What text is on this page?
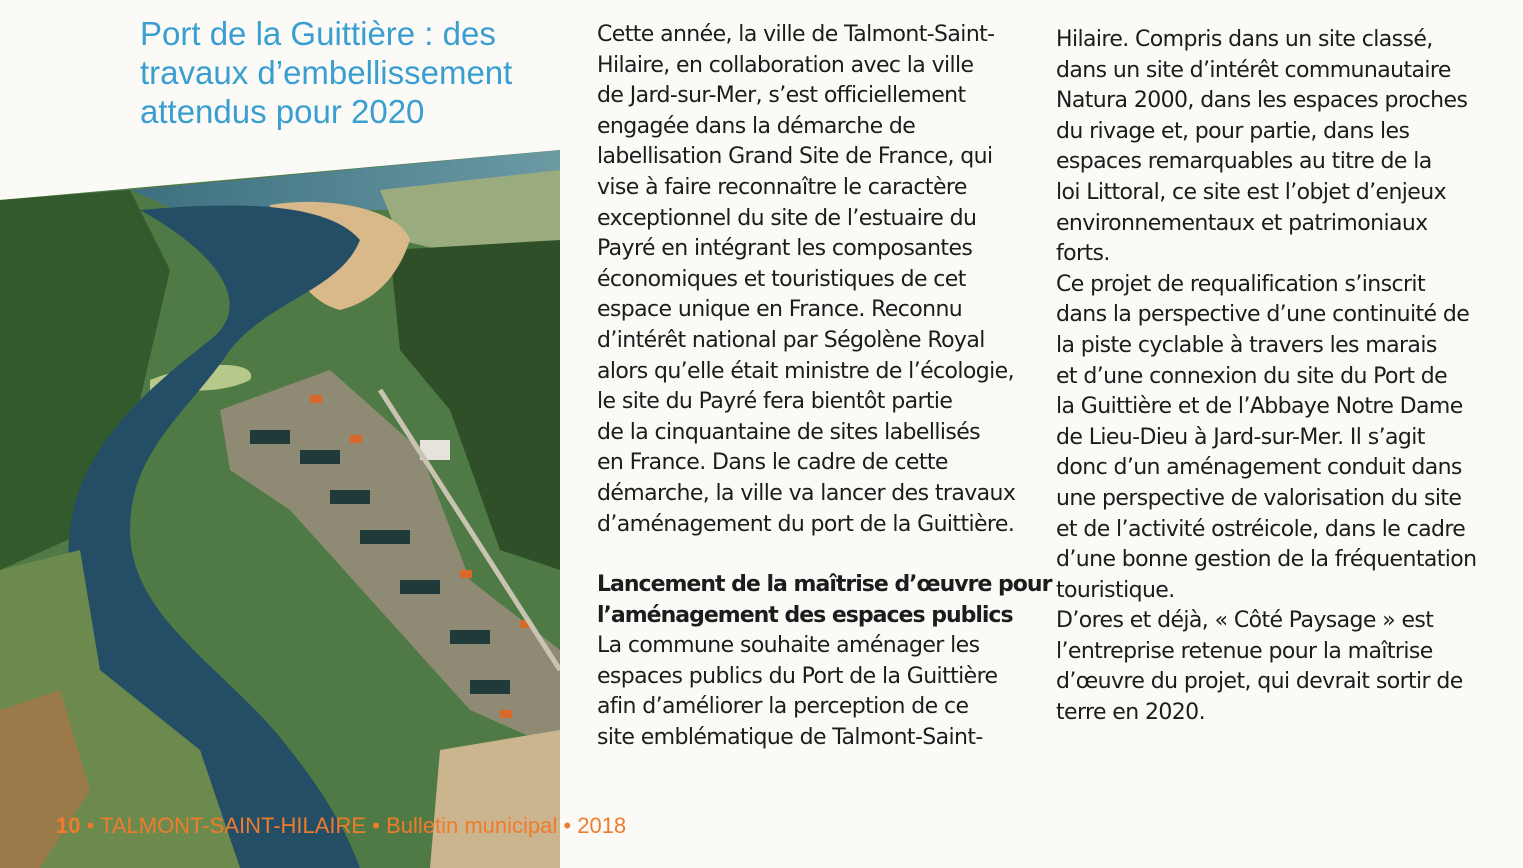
Port de la Guittière : des
travaux d’embellissement
attendus pour 2020
Cette année, la ville de Talmont-Saint-
Hilaire, en collaboration avec la ville
de Jard-sur-Mer, s’est officiellement
engagée dans la démarche de
labellisation Grand Site de France, qui
vise à faire reconnaître le caractère
exceptionnel du site de l’estuaire du
Payré en intégrant les composantes
économiques et touristiques de cet
espace unique en France. Reconnu
d’intérêt national par Ségolène Royal
alors qu’elle était ministre de l’écologie,
le site du Payré fera bientôt partie
de la cinquantaine de sites labellisés
en France. Dans le cadre de cette
démarche, la ville va lancer des travaux
d’aménagement du port de la Guittière.
Lancement de la maîtrise d’œuvre pour
l’aménagement des espaces publics
La commune souhaite aménager les
espaces publics du Port de la Guittière
afin d’améliorer la perception de ce
site emblématique de Talmont-Saint-
Hilaire. Compris dans un site classé,
dans un site d’intérêt communautaire
Natura 2000, dans les espaces proches
du rivage et, pour partie, dans les
espaces remarquables au titre de la
loi Littoral, ce site est l’objet d’enjeux
environnementaux et patrimoniaux
forts.
Ce projet de requalification s’inscrit
dans la perspective d’une continuité de
la piste cyclable à travers les marais
et d’une connexion du site du Port de
la Guittière et de l’Abbaye Notre Dame
de Lieu-Dieu à Jard-sur-Mer. Il s’agit
donc d’un aménagement conduit dans
une perspective de valorisation du site
et de l’activité ostréicole, dans le cadre
d’une bonne gestion de la fréquentation
touristique.
D’ores et déjà, « Côté Paysage » est
l’entreprise retenue pour la maîtrise
d’œuvre du projet, qui devrait sortir de
terre en 2020.
10 • TALMONT-SAINT-HILAIRE • Bulletin municipal • 2018
